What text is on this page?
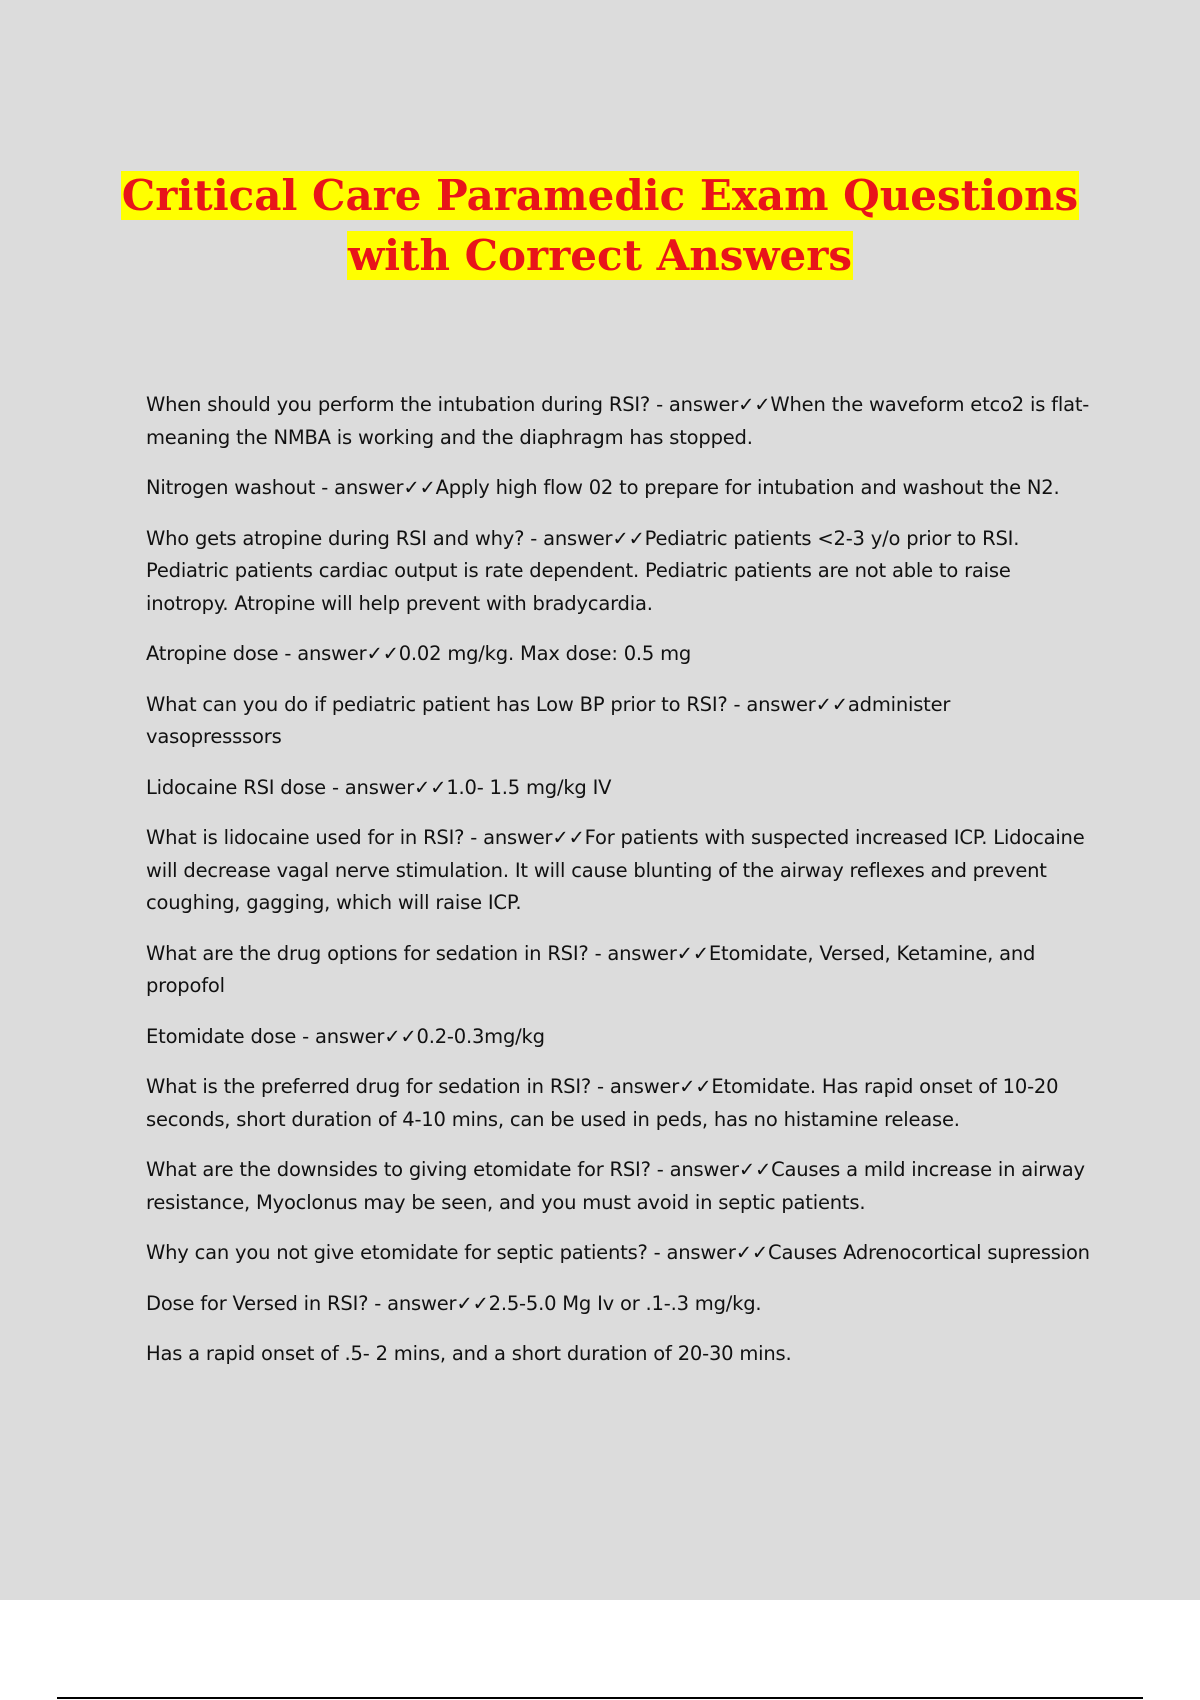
Critical Care Paramedic Exam Questions
with Correct Answers
When should you perform the intubation during RSI? - answer✓✓When the waveform etco2 is flat- meaning the NMBA is working and the diaphragm has stopped.
Nitrogen washout - answer✓✓Apply high flow 02 to prepare for intubation and washout the N2.
Who gets atropine during RSI and why? - answer✓✓Pediatric patients <2-3 y/o prior to RSI. Pediatric patients cardiac output is rate dependent. Pediatric patients are not able to raise inotropy. Atropine will help prevent with bradycardia.
Atropine dose - answer✓✓0.02 mg/kg. Max dose: 0.5 mg
What can you do if pediatric patient has Low BP prior to RSI? - answer✓✓administer vasopresssors
Lidocaine RSI dose - answer✓✓1.0- 1.5 mg/kg IV
What is lidocaine used for in RSI? - answer✓✓For patients with suspected increased ICP. Lidocaine will decrease vagal nerve stimulation. It will cause blunting of the airway reflexes and prevent coughing, gagging, which will raise ICP.
What are the drug options for sedation in RSI? - answer✓✓Etomidate, Versed, Ketamine, and propofol
Etomidate dose - answer✓✓0.2-0.3mg/kg
What is the preferred drug for sedation in RSI? - answer✓✓Etomidate. Has rapid onset of 10-20 seconds, short duration of 4-10 mins, can be used in peds, has no histamine release.
What are the downsides to giving etomidate for RSI? - answer✓✓Causes a mild increase in airway resistance, Myoclonus may be seen, and you must avoid in septic patients.
Why can you not give etomidate for septic patients? - answer✓✓Causes Adrenocortical supression
Dose for Versed in RSI? - answer✓✓2.5-5.0 Mg Iv or .1-.3 mg/kg.
Has a rapid onset of .5- 2 mins, and a short duration of 20-30 mins.
